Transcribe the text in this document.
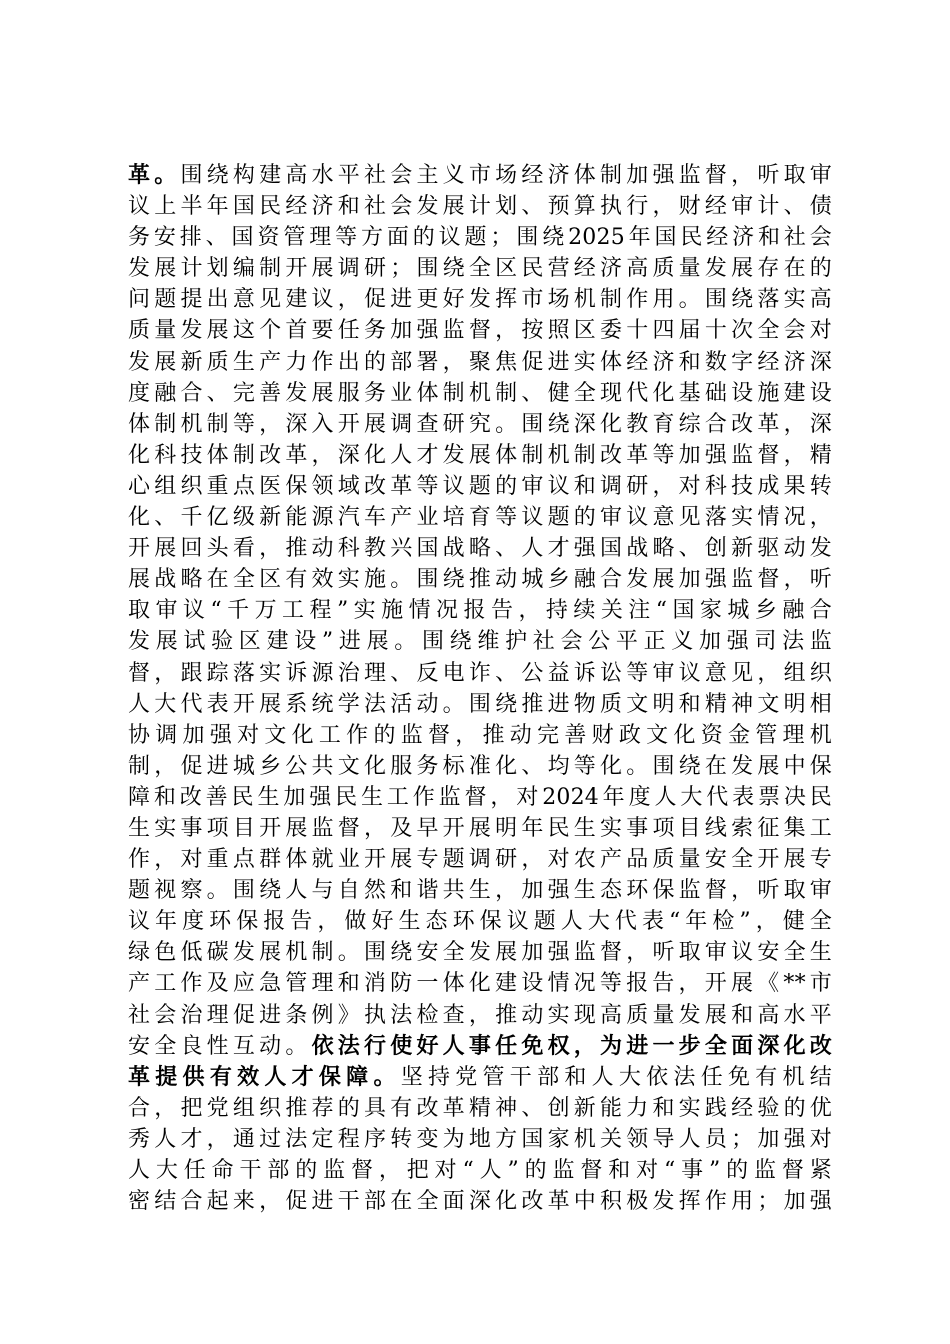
革。围绕构建高水平社会主义市场经济体制加强监督，听取审
议上半年国民经济和社会发展计划、预算执行，财经审计、债
务安排、国资管理等方面的议题；围绕2025年国民经济和社会
发展计划编制开展调研；围绕全区民营经济高质量发展存在的
问题提出意见建议，促进更好发挥市场机制作用。围绕落实高
质量发展这个首要任务加强监督，按照区委十四届十次全会对
发展新质生产力作出的部署，聚焦促进实体经济和数字经济深
度融合、完善发展服务业体制机制、健全现代化基础设施建设
体制机制等，深入开展调查研究。围绕深化教育综合改革，深
化科技体制改革，深化人才发展体制机制改革等加强监督，精
心组织重点医保领域改革等议题的审议和调研，对科技成果转
化、千亿级新能源汽车产业培育等议题的审议意见落实情况，
开展回头看，推动科教兴国战略、人才强国战略、创新驱动发
展战略在全区有效实施。围绕推动城乡融合发展加强监督，听
取审议“千万工程”实施情况报告，持续关注“国家城乡融合
发展试验区建设”进展。围绕维护社会公平正义加强司法监
督，跟踪落实诉源治理、反电诈、公益诉讼等审议意见，组织
人大代表开展系统学法活动。围绕推进物质文明和精神文明相
协调加强对文化工作的监督，推动完善财政文化资金管理机
制，促进城乡公共文化服务标准化、均等化。围绕在发展中保
障和改善民生加强民生工作监督，对2024年度人大代表票决民
生实事项目开展监督，及早开展明年民生实事项目线索征集工
作，对重点群体就业开展专题调研，对农产品质量安全开展专
题视察。围绕人与自然和谐共生，加强生态环保监督，听取审
议年度环保报告，做好生态环保议题人大代表“年检”，健全
绿色低碳发展机制。围绕安全发展加强监督，听取审议安全生
产工作及应急管理和消防一体化建设情况等报告，开展《**市
社会治理促进条例》执法检查，推动实现高质量发展和高水平
安全良性互动。依法行使好人事任免权，为进一步全面深化改
革提供有效人才保障。坚持党管干部和人大依法任免有机结
合，把党组织推荐的具有改革精神、创新能力和实践经验的优
秀人才，通过法定程序转变为地方国家机关领导人员；加强对
人大任命干部的监督，把对“人”的监督和对“事”的监督紧
密结合起来，促进干部在全面深化改革中积极发挥作用；加强
